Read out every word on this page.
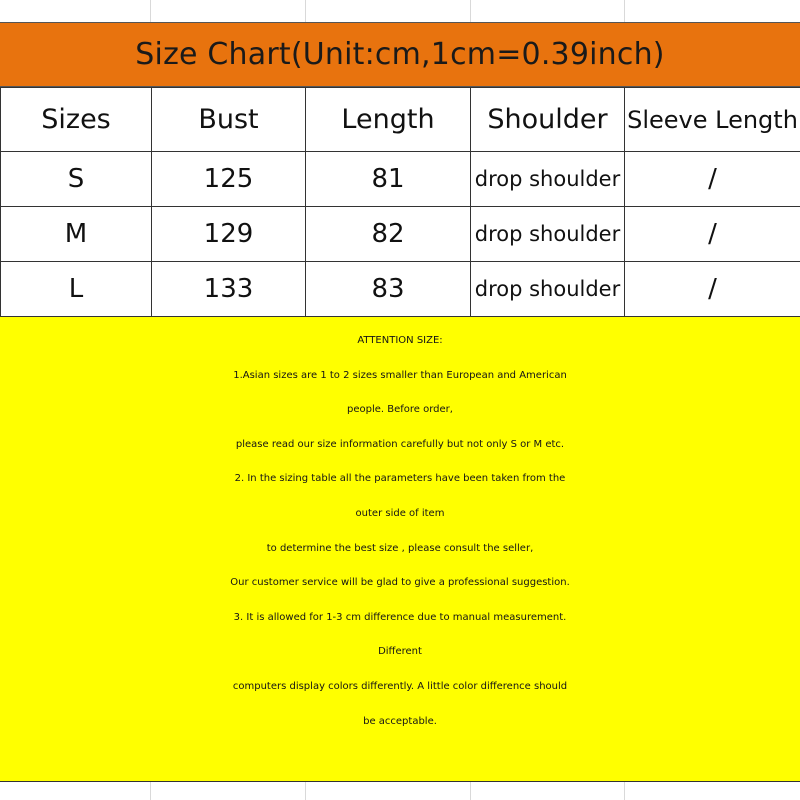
Size Chart(Unit:cm,1cm=0.39inch)
Sizes	Bust	Length	Shoulder	Sleeve Length
S	125	81	drop shoulder	/
M	129	82	drop shoulder	/
L	133	83	drop shoulder	/
ATTENTION SIZE:
1.Asian sizes are 1 to 2 sizes smaller than European and American
people. Before order,
please read our size information carefully but not only S or M etc.
2. In the sizing table all the parameters have been taken from the
outer side of item
to determine the best size , please consult the seller,
Our customer service will be glad to give a professional suggestion.
3. It is allowed for 1-3 cm difference due to manual measurement.
Different
computers display colors differently. A little color difference should
be acceptable.
